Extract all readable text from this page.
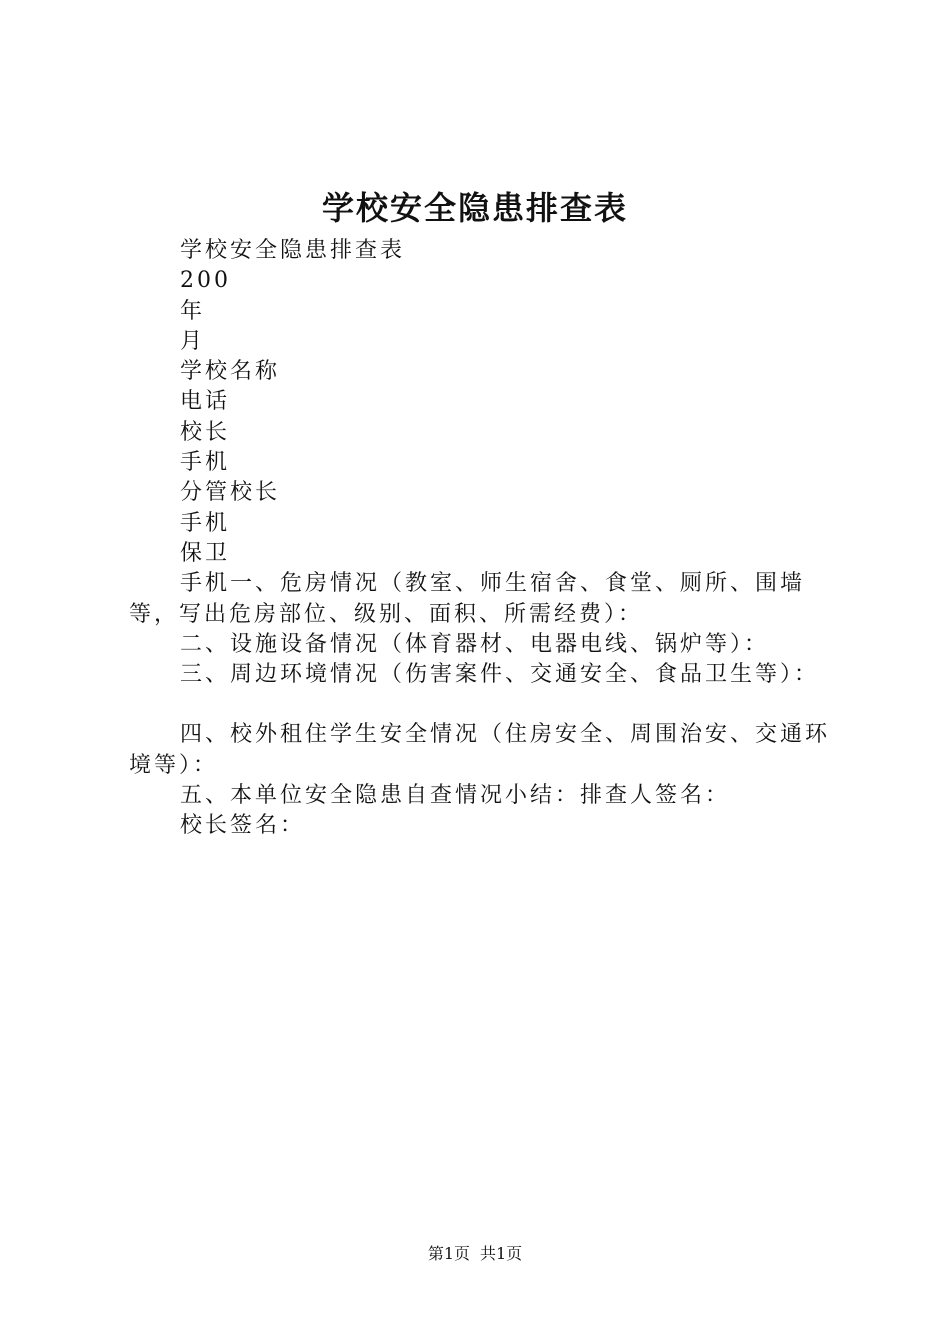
学校安全隐患排查表

学校安全隐患排查表

200

年

月

学校名称

电话

校长

手机

分管校长

手机

保卫

手机一、危房情况（教室、师生宿舍、食堂、厕所、围墙等，写出危房部位、级别、面积、所需经费）：

二、设施设备情况（体育器材、电器电线、锅炉等）：

三、周边环境情况（伤害案件、交通安全、食品卫生等）：

四、校外租住学生安全情况（住房安全、周围治安、交通环境等）：

五、本单位安全隐患自查情况小结：排查人签名：

校长签名：

第1页 共1页
